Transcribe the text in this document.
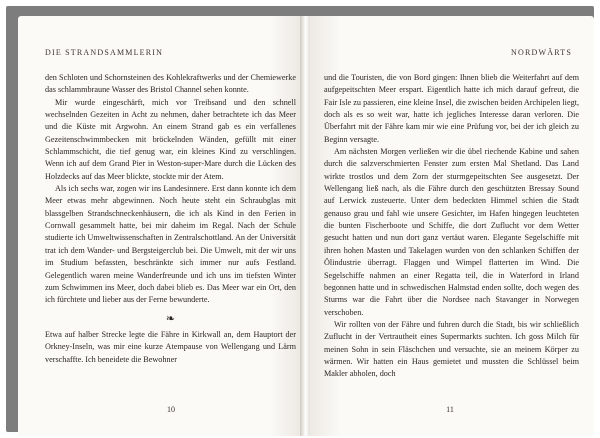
DIE STRANDSAMMLERIN

den Schloten und Schornsteinen des Kohlekraftwerks und der Chemiewerke das schlammbraune Wasser des Bristol Channel sehen konnte.

Mir wurde eingeschärft, mich vor Treibsand und den schnell wechselnden Gezeiten in Acht zu nehmen, daher betrachtete ich das Meer und die Küste mit Argwohn. An einem Strand gab es ein verfallenes Gezeitenschwimmbecken mit bröckelnden Wänden, gefüllt mit einer Schlammschicht, die tief genug war, ein kleines Kind zu verschlingen. Wenn ich auf dem Grand Pier in Weston-super-Mare durch die Lücken des Holzdecks auf das Meer blickte, stockte mir der Atem.

Als ich sechs war, zogen wir ins Landesinnere. Erst dann konnte ich dem Meer etwas mehr abgewinnen. Noch heute steht ein Schraubglas mit blassgelben Strandschneckenhäusern, die ich als Kind in den Ferien in Cornwall gesammelt hatte, bei mir daheim im Regal. Nach der Schule studierte ich Umweltwissenschaften in Zentralschottland. An der Universität trat ich dem Wander- und Bergsteigerclub bei. Die Umwelt, mit der wir uns im Studium befassten, beschränkte sich immer nur aufs Festland. Gelegentlich waren meine Wanderfreunde und ich uns im tiefsten Winter zum Schwimmen ins Meer, doch dabei blieb es. Das Meer war ein Ort, den ich fürchtete und lieber aus der Ferne bewunderte.

❧

Etwa auf halber Strecke legte die Fähre in Kirkwall an, dem Hauptort der Orkney-Inseln, was mir eine kurze Atempause von Wellengang und Lärm verschaffte. Ich beneidete die Bewohner

10
NORDWÄRTS

und die Touristen, die von Bord gingen: Ihnen blieb die Weiterfahrt auf dem aufgepeitschten Meer erspart. Eigentlich hatte ich mich darauf gefreut, die Fair Isle zu passieren, eine kleine Insel, die zwischen beiden Archipelen liegt, doch als es so weit war, hatte ich jegliches Interesse daran verloren. Die Überfahrt mit der Fähre kam mir wie eine Prüfung vor, bei der ich gleich zu Beginn versagte.

Am nächsten Morgen verließen wir die übel riechende Kabine und sahen durch die salzverschmierten Fenster zum ersten Mal Shetland. Das Land wirkte trostlos und dem Zorn der sturmgepeitschten See ausgesetzt. Der Wellengang ließ nach, als die Fähre durch den geschützten Bressay Sound auf Lerwick zusteuerte. Unter dem bedeckten Himmel schien die Stadt genauso grau und fahl wie unsere Gesichter, im Hafen hingegen leuchteten die bunten Fischerboote und Schiffe, die dort Zuflucht vor dem Wetter gesucht hatten und nun dort ganz vertäut waren. Elegante Segelschiffe mit ihren hohen Masten und Takelagen wurden von den schlanken Schiffen der Ölindustrie überragt. Flaggen und Wimpel flatterten im Wind. Die Segelschiffe nahmen an einer Regatta teil, die in Waterford in Irland begonnen hatte und in schwedischen Halmstad enden sollte, doch wegen des Sturms war die Fahrt über die Nordsee nach Stavanger in Norwegen verschoben.

Wir rollten von der Fähre und fuhren durch die Stadt, bis wir schließlich Zuflucht in der Vertrautheit eines Supermarkts suchten. Ich goss Milch für meinen Sohn in sein Fläschchen und versuchte, sie an meinem Körper zu wärmen. Wir hatten ein Haus gemietet und mussten die Schlüssel beim Makler abholen, doch

11
